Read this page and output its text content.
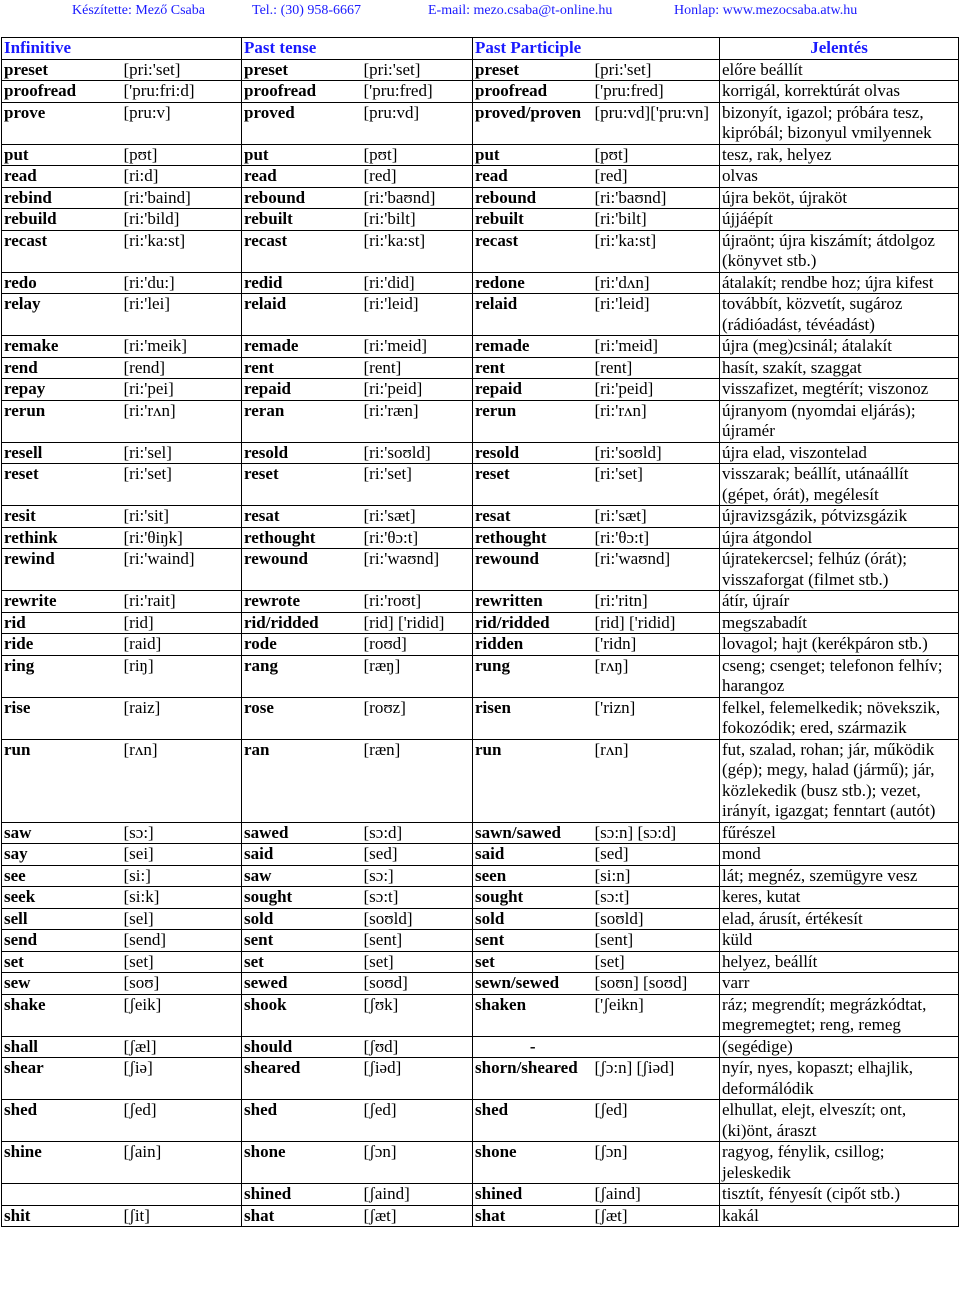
Készítette: Mező Csaba	Tel.: (30) 958-6667	E-mail: mezo.csaba@t-online.hu	Honlap: www.mezocsaba.atw.hu
Infinitive		Past tense		Past Participle		Jelentés
preset	[pri:'set]	preset	[pri:'set]	preset	[pri:'set]	előre beállít
proofread	['pru:fri:d]	proofread	['pru:fred]	proofread	['pru:fred]	korrigál, korrektúrát olvas
prove	[pru:v]	proved	[pru:vd]	proved/proven	[pru:vd]['pru:vn]	bizonyít, igazol; próbára tesz, kipróbál; bizonyul vmilyennek
put	[pʊt]	put	[pʊt]	put	[pʊt]	tesz, rak, helyez
read	[ri:d]	read	[red]	read	[red]	olvas
rebind	[ri:'baind]	rebound	[ri:'baʊnd]	rebound	[ri:'baʊnd]	újra beköt, újraköt
rebuild	[ri:'bild]	rebuilt	[ri:'bilt]	rebuilt	[ri:'bilt]	újjáépít
recast	[ri:'ka:st]	recast	[ri:'ka:st]	recast	[ri:'ka:st]	újraönt; újra kiszámít; átdolgoz (könyvet stb.)
redo	[ri:'du:]	redid	[ri:'did]	redone	[ri:'dʌn]	átalakít; rendbe hoz; újra kifest
relay	[ri:'lei]	relaid	[ri:'leid]	relaid	[ri:'leid]	továbbít, közvetít, sugároz (rádióadást, tévéadást)
remake	[ri:'meik]	remade	[ri:'meid]	remade	[ri:'meid]	újra (meg)csinál; átalakít
rend	[rend]	rent	[rent]	rent	[rent]	hasít, szakít, szaggat
repay	[ri:'pei]	repaid	[ri:'peid]	repaid	[ri:'peid]	visszafizet, megtérít; viszonoz
rerun	[ri:'rʌn]	reran	[ri:'ræn]	rerun	[ri:'rʌn]	újranyom (nyomdai eljárás); újramér
resell	[ri:'sel]	resold	[ri:'soʊld]	resold	[ri:'soʊld]	újra elad, viszontelad
reset	[ri:'set]	reset	[ri:'set]	reset	[ri:'set]	visszarak; beállít, utánaállít (gépet, órát), megélesít
resit	[ri:'sit]	resat	[ri:'sæt]	resat	[ri:'sæt]	újravizsgázik, pótvizsgázik
rethink	[ri:'θiŋk]	rethought	[ri:'θɔ:t]	rethought	[ri:'θɔ:t]	újra átgondol
rewind	[ri:'waind]	rewound	[ri:'waʊnd]	rewound	[ri:'waʊnd]	újratekercsel; felhúz (órát); visszaforgat (filmet stb.)
rewrite	[ri:'rait]	rewrote	[ri:'roʊt]	rewritten	[ri:'ritn]	átír, újraír
rid	[rid]	rid/ridded	[rid] ['ridid]	rid/ridded	[rid] ['ridid]	megszabadít
ride	[raid]	rode	[roʊd]	ridden	['ridn]	lovagol; hajt (kerékpáron stb.)
ring	[riŋ]	rang	[ræŋ]	rung	[rʌŋ]	cseng; csenget; telefonon felhív; harangoz
rise	[raiz]	rose	[roʊz]	risen	['rizn]	felkel, felemelkedik; növekszik, fokozódik; ered, származik
run	[rʌn]	ran	[ræn]	run	[rʌn]	fut, szalad, rohan; jár, működik (gép); megy, halad (jármű); jár, közlekedik (busz stb.); vezet, irányít, igazgat; fenntart (autót)
saw	[sɔ:]	sawed	[sɔ:d]	sawn/sawed	[sɔ:n] [sɔ:d]	fűrészel
say	[sei]	said	[sed]	said	[sed]	mond
see	[si:]	saw	[sɔ:]	seen	[si:n]	lát; megnéz, szemügyre vesz
seek	[si:k]	sought	[sɔ:t]	sought	[sɔ:t]	keres, kutat
sell	[sel]	sold	[soʊld]	sold	[soʊld]	elad, árusít, értékesít
send	[send]	sent	[sent]	sent	[sent]	küld
set	[set]	set	[set]	set	[set]	helyez, beállít
sew	[soʊ]	sewed	[soʊd]	sewn/sewed	[soʊn] [soʊd]	varr
shake	[ʃeik]	shook	[ʃʊk]	shaken	['ʃeikn]	ráz; megrendít; megrázkódtat, megremegtet; reng, remeg
shall	[ʃæl]	should	[ʃʊd]	-		(segédige)
shear	[ʃiə]	sheared	[ʃiəd]	shorn/sheared	[ʃɔ:n] [ʃiəd]	nyír, nyes, kopaszt; elhajlik, deformálódik
shed	[ʃed]	shed	[ʃed]	shed	[ʃed]	elhullat, elejt, elveszít; ont, (ki)önt, áraszt
shine	[ʃain]	shone	[ʃɔn]	shone	[ʃɔn]	ragyog, fénylik, csillog; jeleskedik
		shined	[ʃaind]	shined	[ʃaind]	tisztít, fényesít (cipőt stb.)
shit	[ʃit]	shat	[ʃæt]	shat	[ʃæt]	kakál
